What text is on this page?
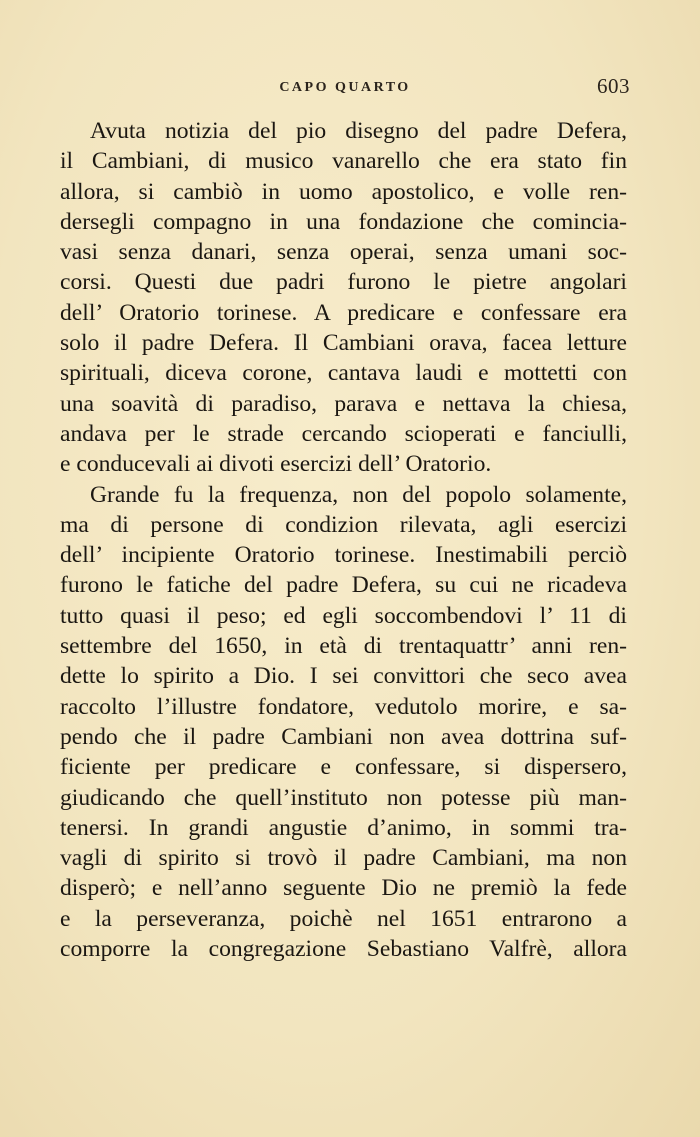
CAPO QUARTO	603
Avuta notizia del pio disegno del padre Defera,
il Cambiani, di musico vanarello che era stato fin
allora, si cambiò in uomo apostolico, e volle ren-
dersegli compagno in una fondazione che comincia-
vasi senza danari, senza operai, senza umani soc-
corsi. Questi due padri furono le pietre angolari
dell’ Oratorio torinese. A predicare e confessare era
solo il padre Defera. Il Cambiani orava, facea letture
spirituali, diceva corone, cantava laudi e mottetti con
una soavità di paradiso, parava e nettava la chiesa,
andava per le strade cercando scioperati e fanciulli,
e conducevali ai divoti esercizi dell’ Oratorio.
Grande fu la frequenza, non del popolo solamente,
ma di persone di condizion rilevata, agli esercizi
dell’ incipiente Oratorio torinese. Inestimabili perciò
furono le fatiche del padre Defera, su cui ne ricadeva
tutto quasi il peso; ed egli soccombendovi l’ 11 di
settembre del 1650, in età di trentaquattr’ anni ren-
dette lo spirito a Dio. I sei convittori che seco avea
raccolto l’illustre fondatore, vedutolo morire, e sa-
pendo che il padre Cambiani non avea dottrina suf-
ficiente per predicare e confessare, si dispersero,
giudicando che quell’instituto non potesse più man-
tenersi. In grandi angustie d’animo, in sommi tra-
vagli di spirito si trovò il padre Cambiani, ma non
disperò; e nell’anno seguente Dio ne premiò la fede
e la perseveranza, poichè nel 1651 entrarono a
comporre la congregazione Sebastiano Valfrè, allora
